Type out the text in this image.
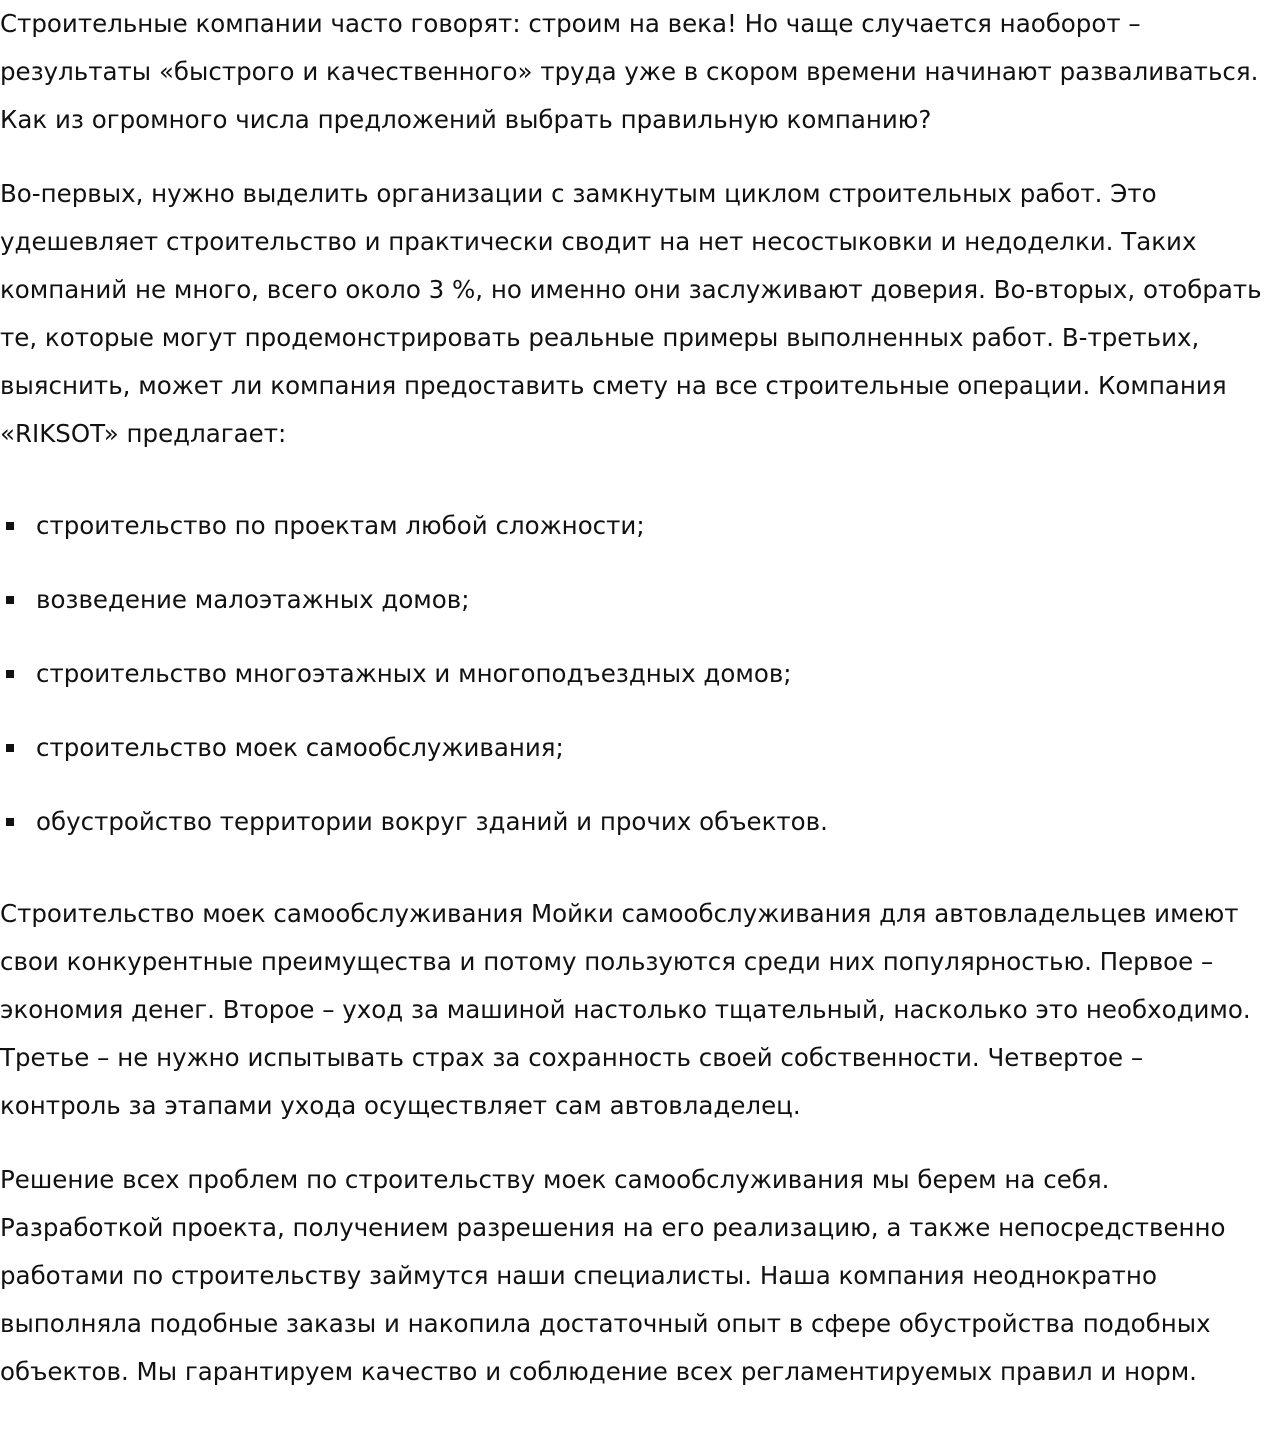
Строительные компании часто говорят: строим на века! Но чаще случается наоборот – результаты «быстрого и качественного» труда уже в скором времени начинают разваливаться. Как из огромного числа предложений выбрать правильную компанию?

Во-первых, нужно выделить организации с замкнутым циклом строительных работ. Это удешевляет строительство и практически сводит на нет несостыковки и недоделки. Таких компаний не много, всего около 3 %, но именно они заслуживают доверия. Во-вторых, отобрать те, которые могут продемонстрировать реальные примеры выполненных работ. В-третьих, выяснить, может ли компания предоставить смету на все строительные операции. Компания «RIKSOT» предлагает:

строительство по проектам любой сложности;
возведение малоэтажных домов;
строительство многоэтажных и многоподъездных домов;
строительство моек самообслуживания;
обустройство территории вокруг зданий и прочих объектов.

Строительство моек самообслуживания Мойки самообслуживания для автовладельцев имеют свои конкурентные преимущества и потому пользуются среди них популярностью. Первое – экономия денег. Второе – уход за машиной настолько тщательный, насколько это необходимо. Третье – не нужно испытывать страх за сохранность своей собственности. Четвертое – контроль за этапами ухода осуществляет сам автовладелец.

Решение всех проблем по строительству моек самообслуживания мы берем на себя. Разработкой проекта, получением разрешения на его реализацию, а также непосредственно работами по строительству займутся наши специалисты. Наша компания неоднократно выполняла подобные заказы и накопила достаточный опыт в сфере обустройства подобных объектов. Мы гарантируем качество и соблюдение всех регламентируемых правил и норм.
